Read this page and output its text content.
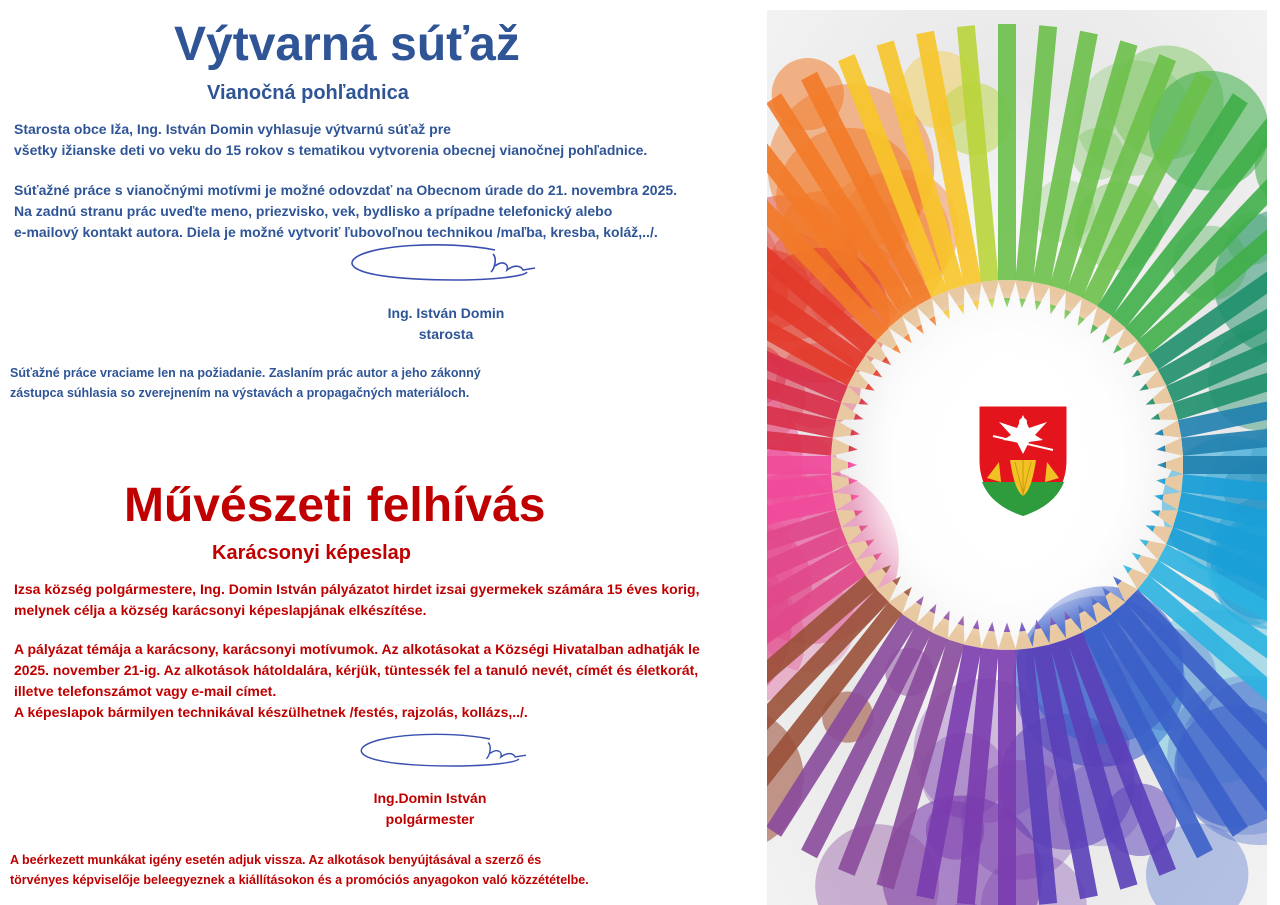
Výtvarná súťaž
Vianočná pohľadnica
Starosta obce Iža, Ing. István Domin vyhlasuje výtvarnú súťaž pre
všetky ižianske deti vo veku do 15 rokov s tematikou vytvorenia obecnej vianočnej pohľadnice.
Súťažné práce s vianočnými motívmi je možné odovzdať na Obecnom úrade do 21. novembra 2025.
Na zadnú stranu prác uveďte meno, priezvisko, vek, bydlisko a prípadne telefonický alebo
e-mailový kontakt autora. Diela je možné vytvoriť ľubovoľnou technikou /maľba, kresba, koláž,../.
Ing. István Domin
starosta
Súťažné práce vraciame len na požiadanie. Zaslaním prác autor a jeho zákonný
zástupca súhlasia so zverejnením na výstavách a propagačných materiáloch.
Művészeti felhívás
Karácsonyi képeslap
Izsa község polgármestere, Ing. Domin István pályázatot hirdet izsai gyermekek számára 15 éves korig,
melynek célja a község karácsonyi képeslapjának elkészítése.
A pályázat témája a karácsony, karácsonyi motívumok. Az alkotásokat a Községi Hivatalban adhatják le
2025. november 21-ig. Az alkotások hátoldalára, kérjük, tüntessék fel a tanuló nevét, címét és életkorát,
illetve telefonszámot vagy e-mail címet.
A képeslapok bármilyen technikával készülhetnek /festés, rajzolás, kollázs,../.
Ing.Domin István
polgármester
A beérkezett munkákat igény esetén adjuk vissza. Az alkotások benyújtásával a szerző és
törvényes képviselője beleegyeznek a kiállításokon és a promóciós anyagokon való közzétételbe.
